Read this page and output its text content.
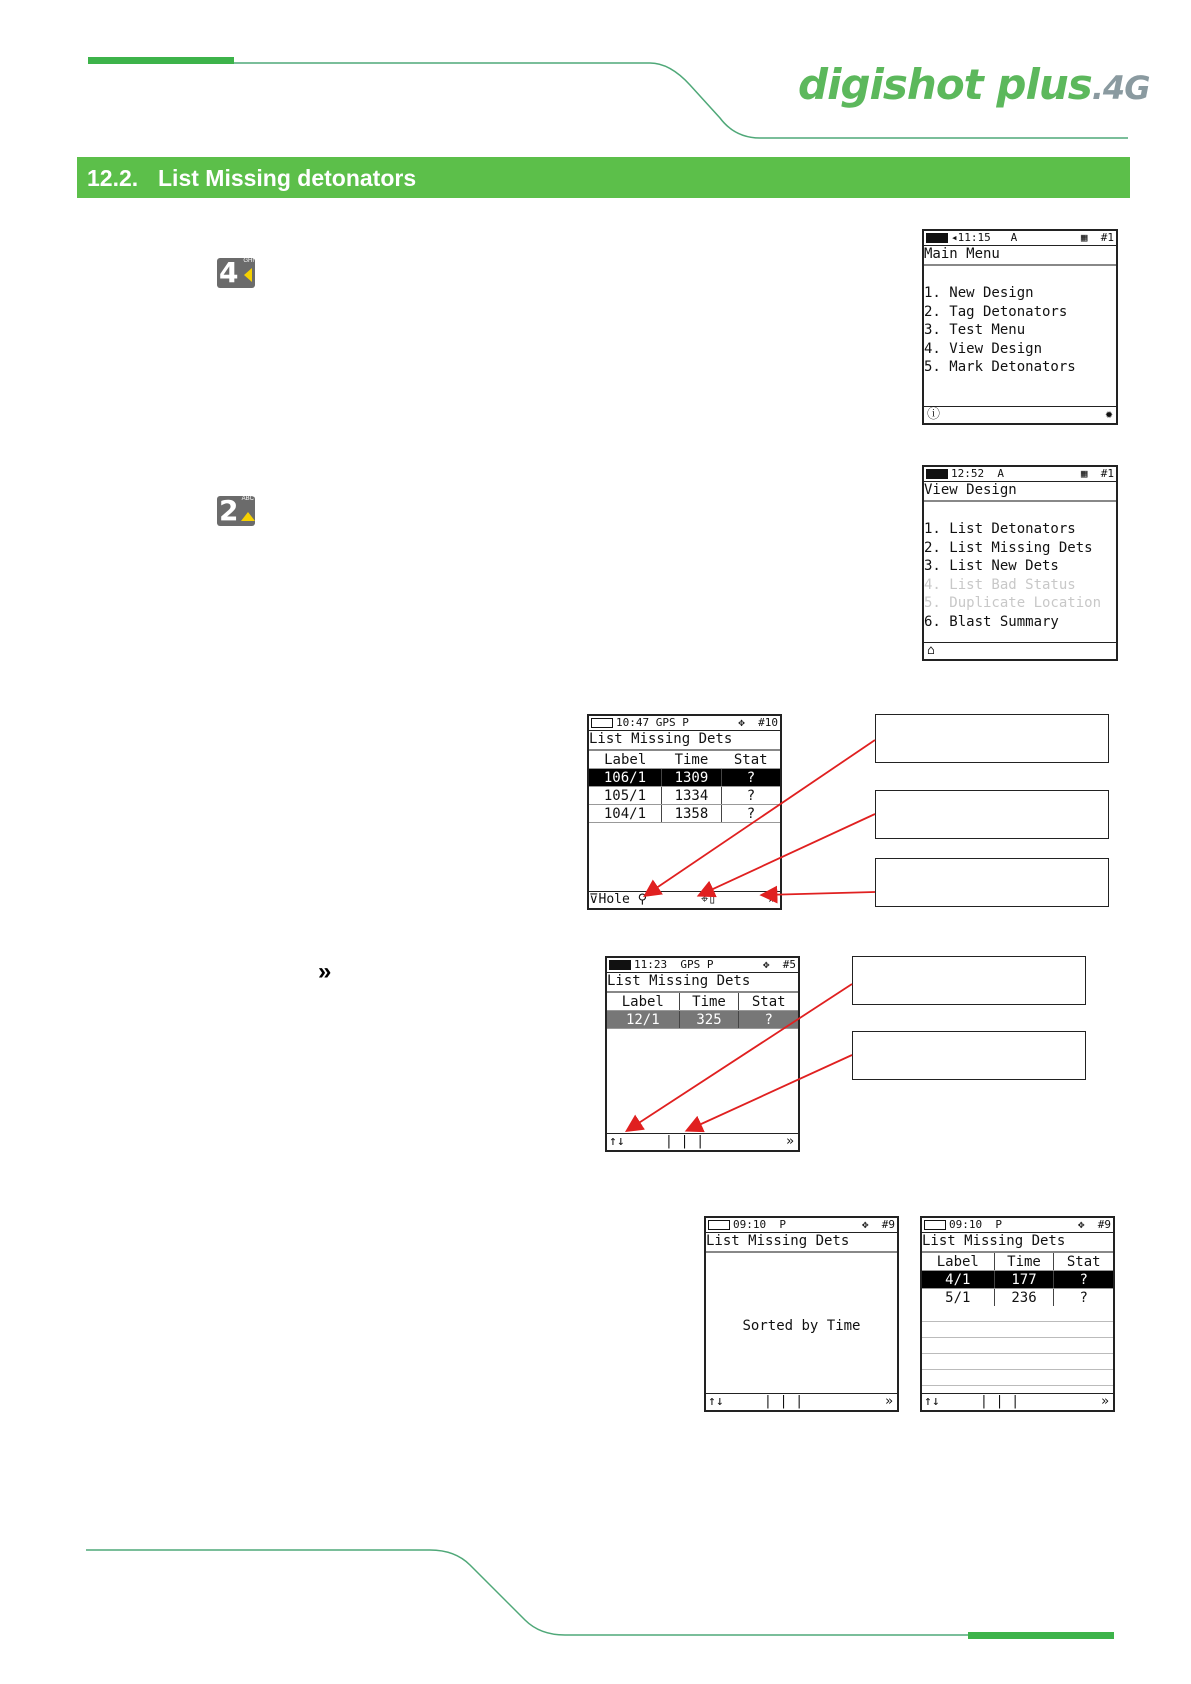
digishot plus.4G
12.2. List Missing detonators
4 GHI
2 ABC
»
◂11:15 A	▦ #1
Main Menu
1. New Design
2. Tag Detonators
3. Test Menu
4. View Design
5. Mark Detonators
ⓘ	✹
12:52 A	▦ #1
View Design
1. List Detonators
2. List Missing Dets
3. List New Dets
4. List Bad Status
5. Duplicate Location
6. Blast Summary
⌂
10:47 GPS P	✥ #10
List Missing Dets
Label	Time	Stat
106/1	1309	?
105/1	1334	?
104/1	1358	?
⊽Hole ⚲	⌖▯	»
11:23 GPS P	✥ #5
List Missing Dets
Label	Time	Stat
12/1	325	?
↑↓	| | |	»
09:10 P	✥ #9
List Missing Dets
Sorted by Time
↑↓	| | |	»
09:10 P	✥ #9
List Missing Dets
Label	Time	Stat
4/1	177	?
5/1	236	?
↑↓	| | |	»
